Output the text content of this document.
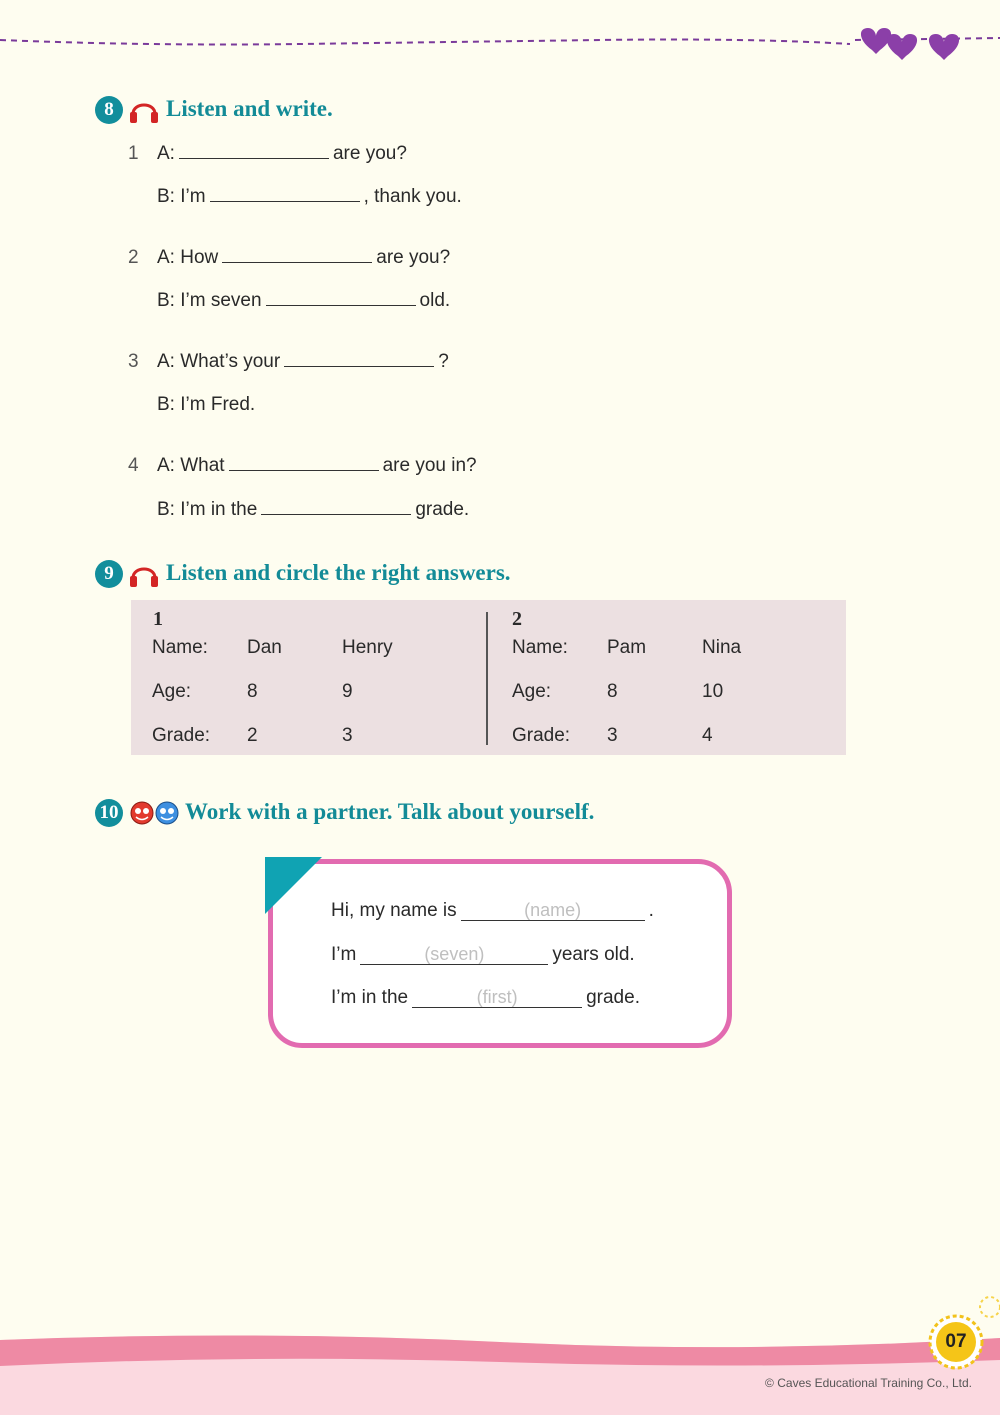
8	Listen and write.
1 A:	are you?
B: I’m	, thank you.
2 A: How	are you?
B: I’m seven	old.
3 A: What’s your	?
B: I’m Fred.
4 A: What	are you in?
B: I’m in the	grade.
9	Listen and circle the right answers.
1
Name: Dan	Henry
Age:	8	9
Grade: 2	3
2
Name: Pam	Nina
Age:	8	10
Grade: 3	4
10	Work with a partner. Talk about yourself.
Hi, my name is	(name)	.
I’m	(seven)	years old.
I’m in the	(first)	grade.
07
© Caves Educational Training Co., Ltd.
